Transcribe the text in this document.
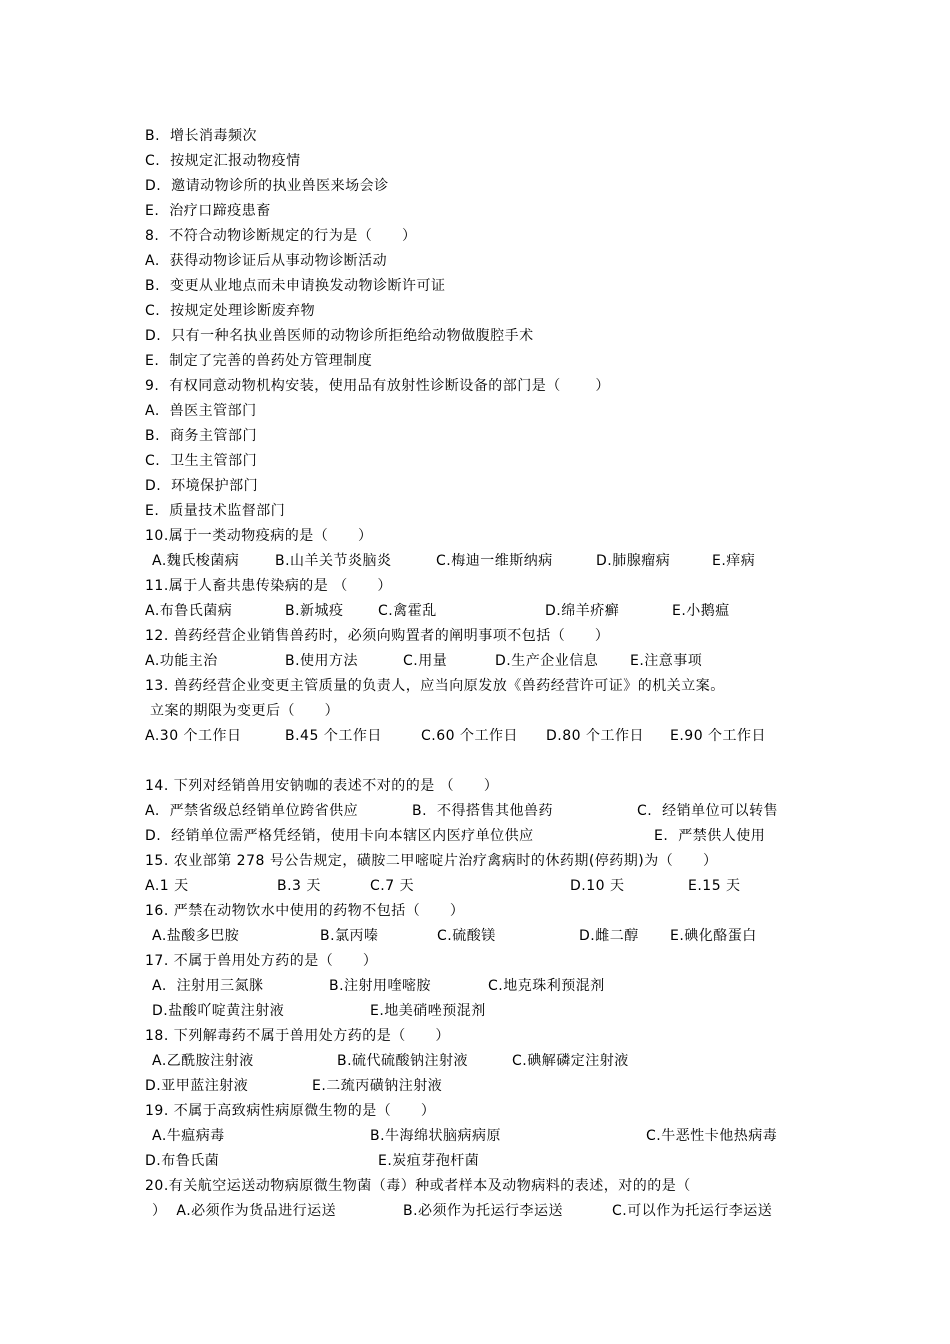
B.  增长消毒频次
C.  按规定汇报动物疫情
D.  邀请动物诊所的执业兽医来场会诊
E.  治疗口蹄疫患畜
8.  不符合动物诊断规定的行为是（      ）
A.  获得动物诊证后从事动物诊断活动
B.  变更从业地点而未申请换发动物诊断许可证
C.  按规定处理诊断废弃物
D.  只有一种名执业兽医师的动物诊所拒绝给动物做腹腔手术
E.  制定了完善的兽药处方管理制度
9.  有权同意动物机构安装，使用品有放射性诊断设备的部门是（       ）
A.  兽医主管部门
B.  商务主管部门
C.  卫生主管部门
D.  环境保护部门
E.  质量技术监督部门
10.属于一类动物疫病的是（      ）

A.魏氏梭菌病

	B.山羊关节炎脑炎

	C.梅迪一维斯纳病

	D.肺腺瘤病

	E.痒病

11.属于人畜共患传染病的是 （      ）

A.布鲁氏菌病

	B.新城疫

C.禽霍乱

	D.绵羊疥癣

	E.小鹅瘟

12. 兽药经营企业销售兽药时，必须向购置者的阐明事项不包括（      ）

A.功能主治

	B.使用方法

	C.用量

	D.生产企业信息

E.注意事项

13. 兽药经营企业变更主管质量的负责人，应当向原发放《兽药经营许可证》的机关立案。
立案的期限为变更后（      ）

A.30 个工作日

	B.45 个工作日

	C.60 个工作日

D.80 个工作日

E.90 个工作日

14. 下列对经销兽用安钠咖的表述不对的的是 （      ）

A.  严禁省级总经销单位跨省供应

	B.  不得搭售其他兽药

	C.  经销单位可以转售

D.  经销单位需严格凭经销，使用卡向本辖区内医疗单位供应

	E.  严禁供人使用

15. 农业部第 278 号公告规定，磺胺二甲嘧啶片治疗禽病时的休药期(停药期)为（      ）

A.1 天

	B.3 天

	C.7 天

	D.10 天

	E.15 天

16. 严禁在动物饮水中使用的药物不包括（      ）

A.盐酸多巴胺

	B.氯丙嗪

	C.硫酸镁

	D.雌二醇

E.碘化酪蛋白

17. 不属于兽用处方药的是（      ）

A.  注射用三氮脒

	B.注射用喹嘧胺

	C.地克珠利预混剂

D.盐酸吖啶黄注射液

	E.地美硝唑预混剂

18. 下列解毒药不属于兽用处方药的是（      ）

A.乙酰胺注射液

	B.硫代硫酸钠注射液

	C.碘解磷定注射液

D.亚甲蓝注射液

	E.二巯丙磺钠注射液

19. 不属于高致病性病原微生物的是（      ）

A.牛瘟病毒

	B.牛海绵状脑病病原

	C.牛恶性卡他热病毒

D.布鲁氏菌

	E.炭疽芽孢杆菌

20.有关航空运送动物病原微生物菌（毒）种或者样本及动物病料的表述，对的的是（

）  A.必须作为货品进行运送

	B.必须作为托运行李运送

	C.可以作为托运行李运送
